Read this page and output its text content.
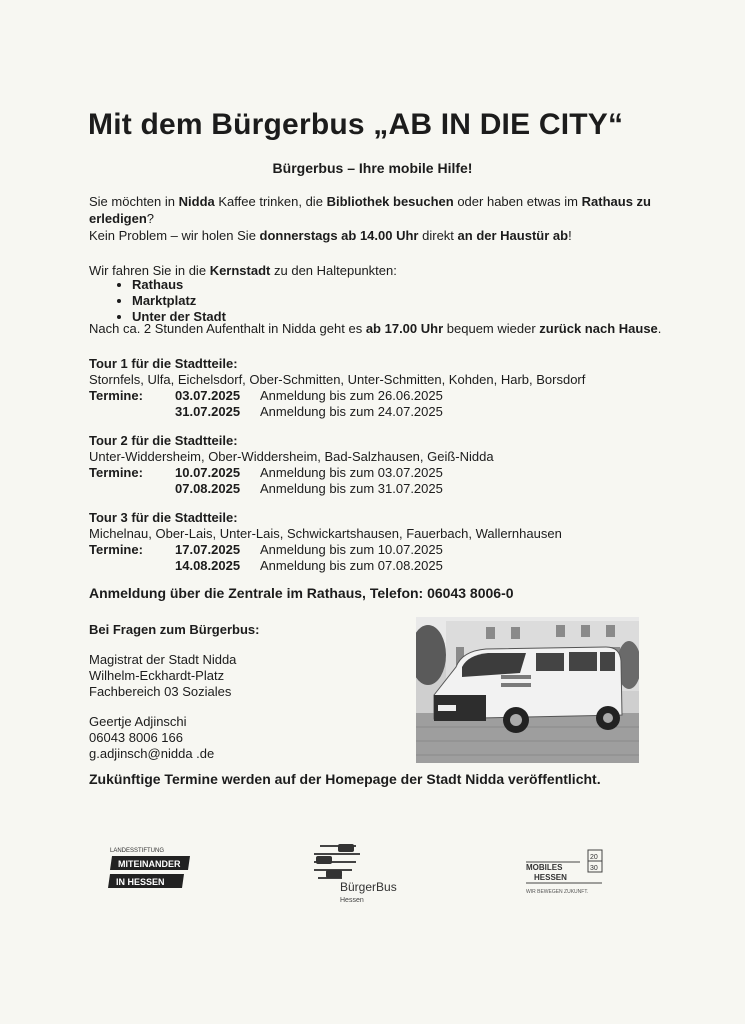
Mit dem Bürgerbus „AB IN DIE CITY“
Bürgerbus – Ihre mobile Hilfe!
Sie möchten in Nidda Kaffee trinken, die Bibliothek besuchen oder haben etwas im Rathaus zu erledigen?
Kein Problem – wir holen Sie donnerstags ab 14.00 Uhr direkt an der Haustür ab!
Wir fahren Sie in die Kernstadt zu den Haltepunkten:
• Rathaus
• Marktplatz
• Unter der Stadt
Nach ca. 2 Stunden Aufenthalt in Nidda geht es ab 17.00 Uhr bequem wieder zurück nach Hause.
Tour 1 für die Stadtteile:
Stornfels, Ulfa, Eichelsdorf, Ober-Schmitten, Unter-Schmitten, Kohden, Harb, Borsdorf
Termine: 03.07.2025 Anmeldung bis zum 26.06.2025
31.07.2025 Anmeldung bis zum 24.07.2025
Tour 2 für die Stadtteile:
Unter-Widdersheim, Ober-Widdersheim, Bad-Salzhausen, Geiß-Nidda
Termine: 10.07.2025 Anmeldung bis zum 03.07.2025
07.08.2025 Anmeldung bis zum 31.07.2025
Tour 3 für die Stadtteile:
Michelnau, Ober-Lais, Unter-Lais, Schwickartshausen, Fauerbach, Wallernhausen
Termine: 17.07.2025 Anmeldung bis zum 10.07.2025
14.08.2025 Anmeldung bis zum 07.08.2025
Anmeldung über die Zentrale im Rathaus, Telefon: 06043 8006-0
Bei Fragen zum Bürgerbus:
Magistrat der Stadt Nidda
Wilhelm-Eckhardt-Platz
Fachbereich 03 Soziales
Geertje Adjinschi
06043 8006 166
g.adjinsch@nidda .de
Zukünftige Termine werden auf der Homepage der Stadt Nidda veröffentlicht.
LANDESSTIFTUNG
MITEINANDER
IN HESSEN	BürgerBus
Hessen
MOBILES
HESSEN
WIR BEWEGEN ZUKUNFT.
20
30
